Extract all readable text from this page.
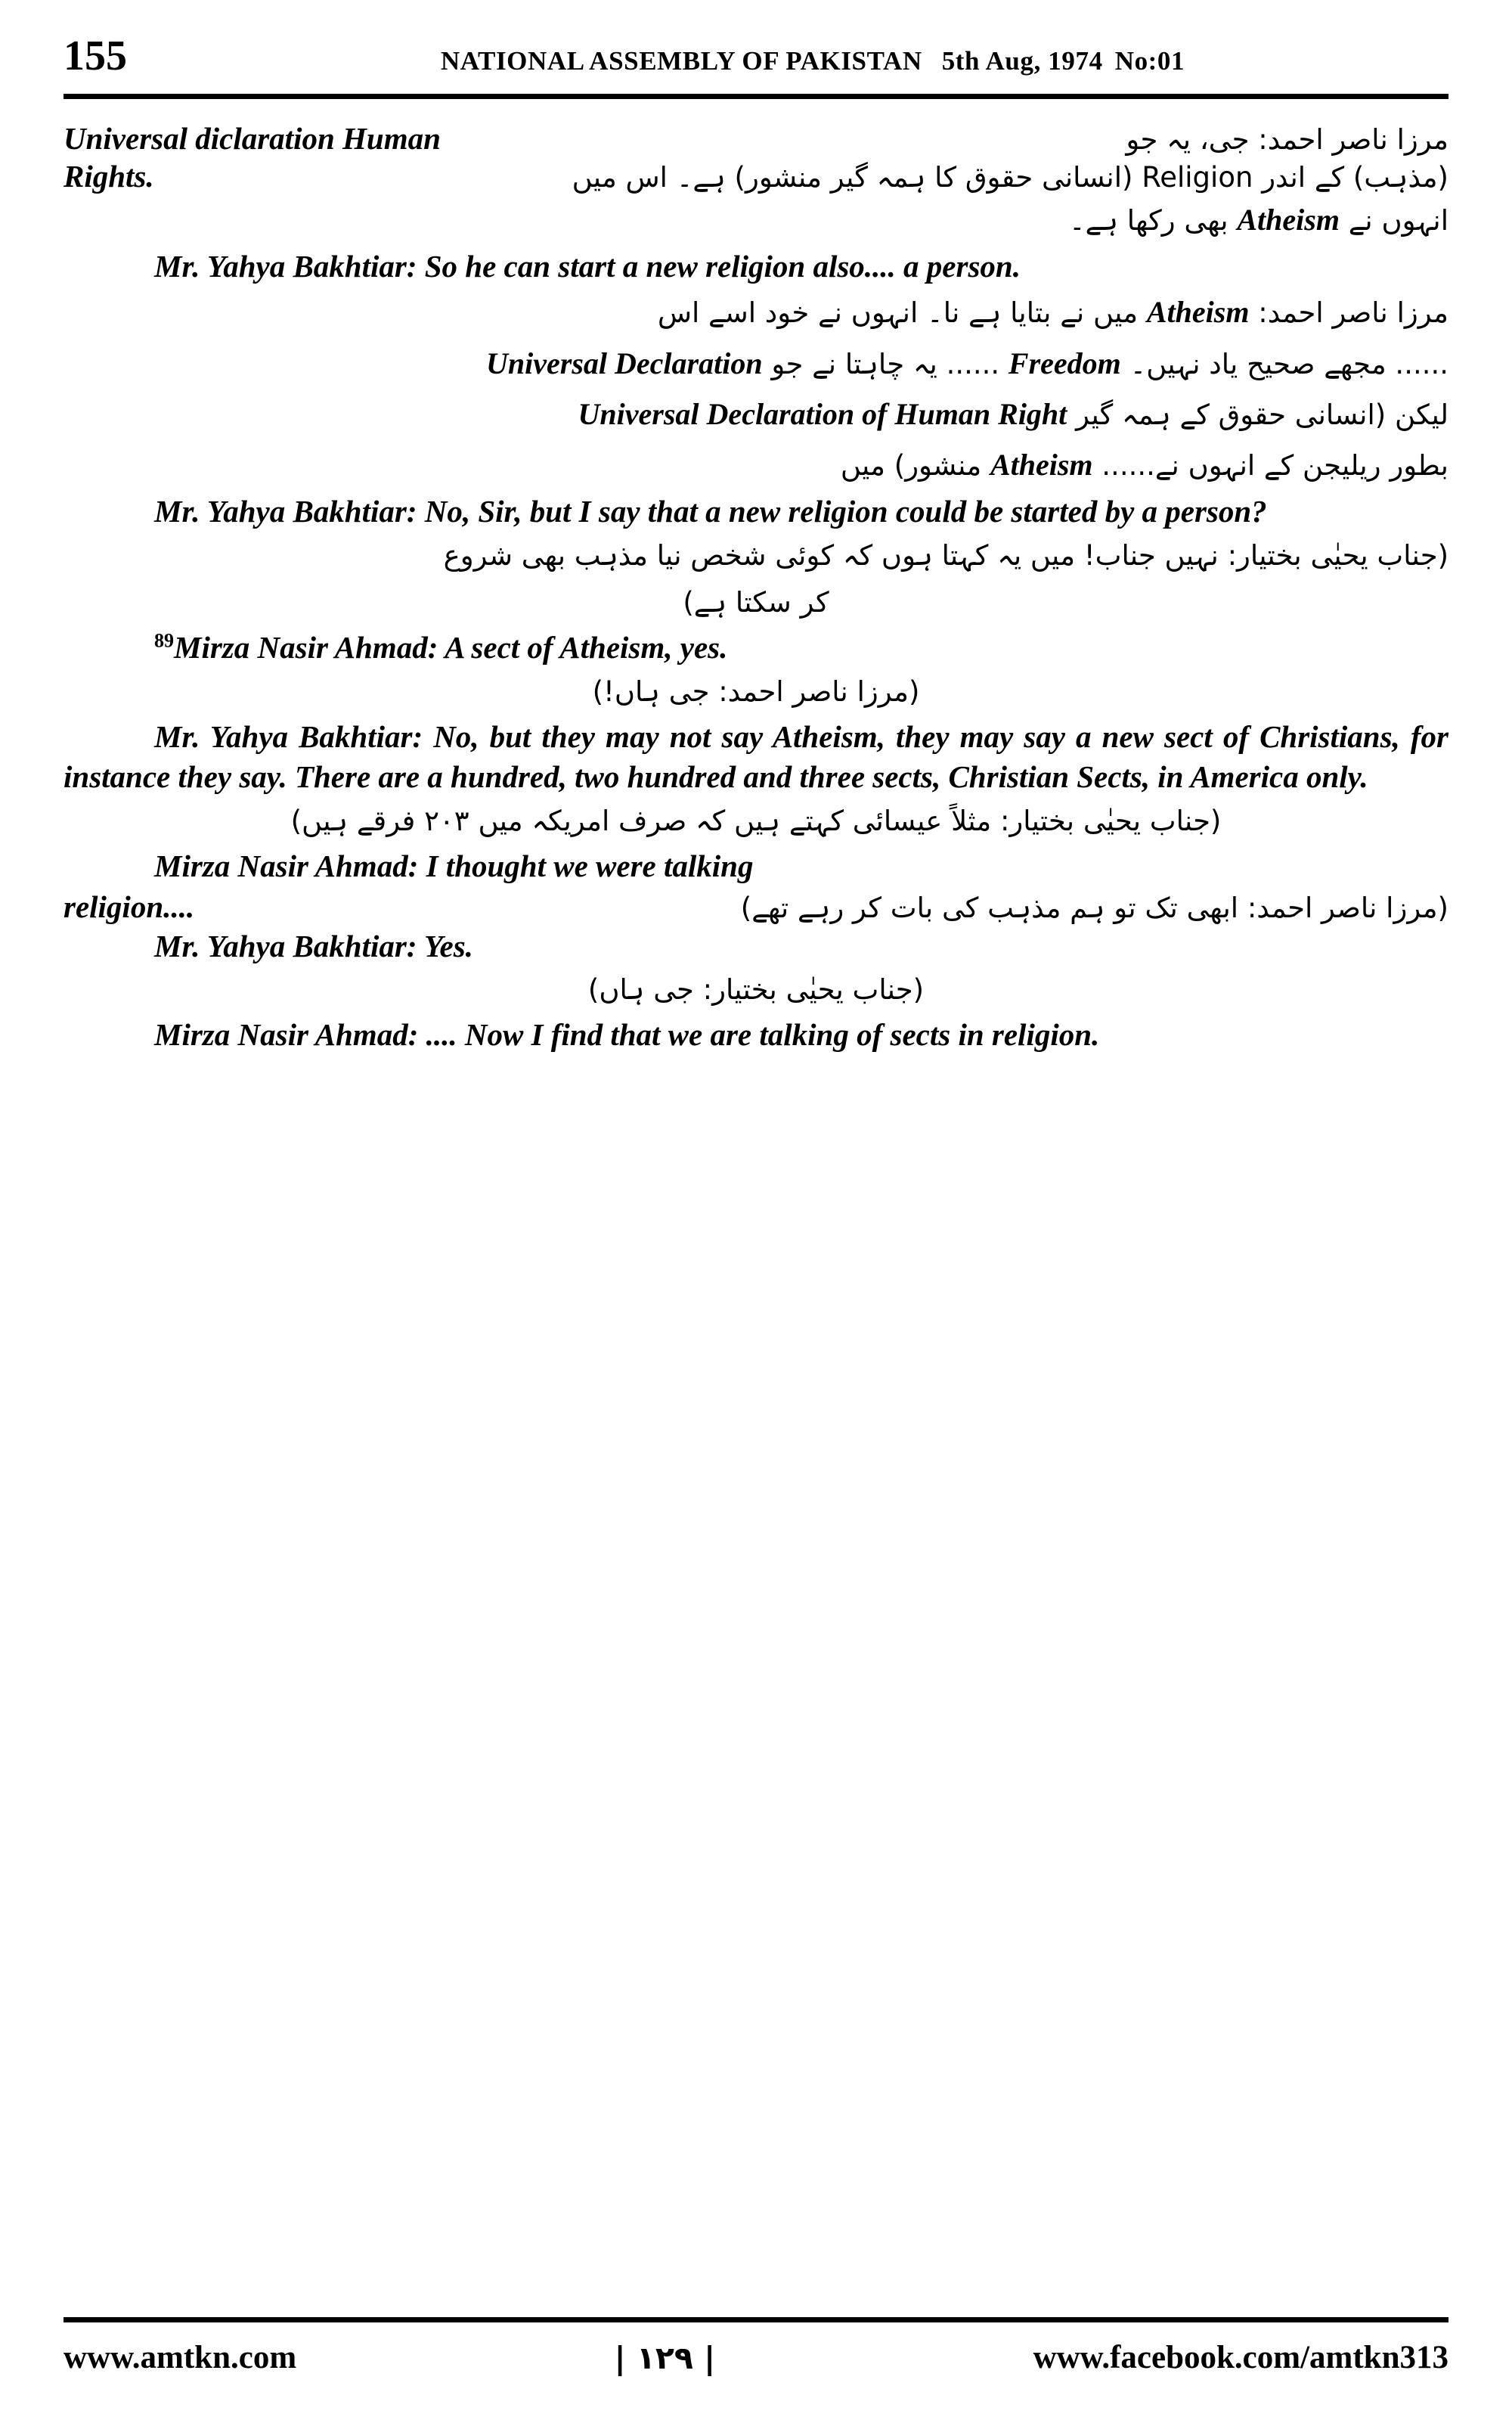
155	NATIONAL ASSEMBLY OF PAKISTAN 5th Aug, 1974 No:01
Universal diclaration Human	مرزا ناصر احمد: جی، یہ جو
Rights.	(مذہب) کے اندر Religion (انسانی حقوق کا ہمہ گیر منشور) ہے۔ اس میں
انہوں نے Atheism بھی رکھا ہے۔

Mr. Yahya Bakhtiar: So he can start a new religion also.... a person.

مرزا ناصر احمد: Atheism میں نے بتایا ہے نا۔ انہوں نے خود اسے اس
...... مجھے صحیح یاد نہیں۔ Freedom ...... یہ چاہتا نے جو Universal Declaration
لیکن (انسانی حقوق کے ہمہ گیر Universal Declaration of Human Right
بطور ریلیجن کے انہوں نے...... Atheism منشور) میں

Mr. Yahya Bakhtiar: No, Sir, but I say that a new religion could be started by a person?

(جناب یحیٰی بختیار: نہیں جناب! میں یہ کہتا ہوں کہ کوئی شخص نیا مذہب بھی شروع
کر سکتا ہے)

$^{89}$Mirza Nasir Ahmad: A sect of Atheism, yes.

(مرزا ناصر احمد: جی ہاں!)

Mr. Yahya Bakhtiar: No, but they may not say Atheism, they may say a new sect of Christians, for instance they say. There are a hundred, two hundred and three sects, Christian Sects, in America only.

(جناب یحیٰی بختیار: مثلاً عیسائی کہتے ہیں کہ صرف امریکہ میں ۲۰۳ فرقے ہیں)

Mirza Nasir Ahmad: I thought we were talking

religion....	(مرزا ناصر احمد: ابھی تک تو ہم مذہب کی بات کر رہے تھے)

Mr. Yahya Bakhtiar: Yes.

(جناب یحیٰی بختیار: جی ہاں)

Mirza Nasir Ahmad: .... Now I find that we are talking of sects in religion.

www.amtkn.com	| ۱۲۹ |	www.facebook.com/amtkn313
